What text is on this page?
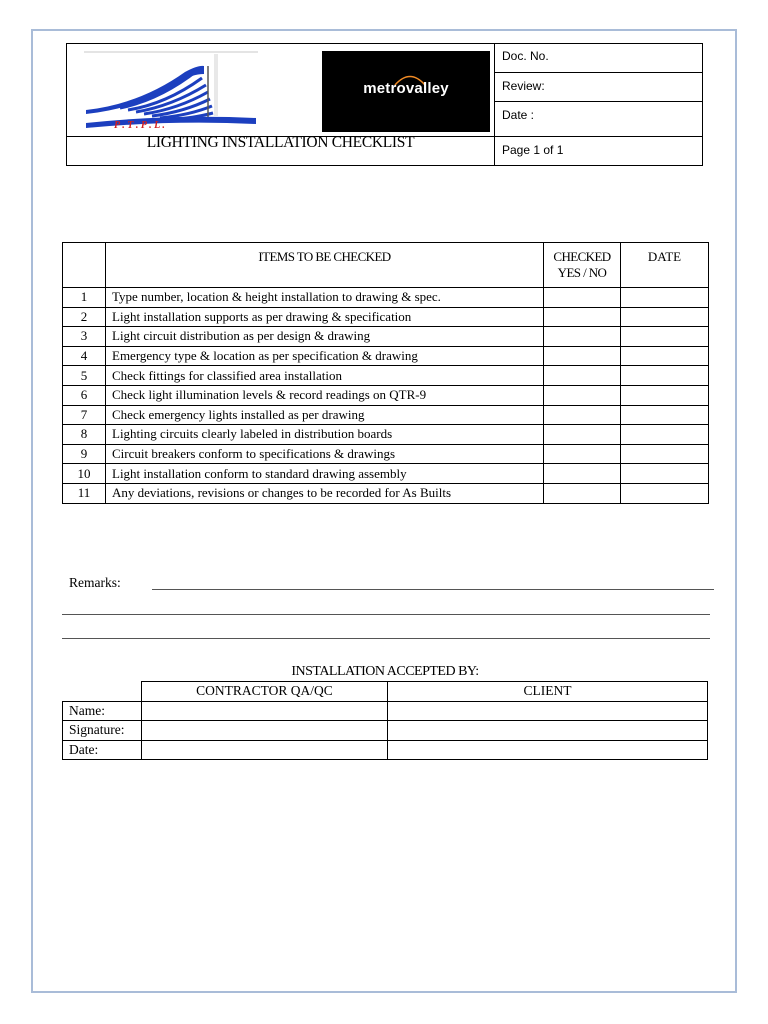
P . T . P . L .
metrovalley
Doc. No.
Review:
Date :
Page 1 of 1
LIGHTING INSTALLATION CHECKLIST
	ITEMS TO BE CHECKED	CHECKED
YES / NO	DATE
1	Type number, location & height installation to drawing & spec.		
2	Light installation supports as per drawing & specification		
3	Light circuit distribution as per design & drawing		
4	Emergency type & location as per specification & drawing		
5	Check fittings for classified area installation		
6	Check light illumination levels & record readings on QTR-9		
7	Check emergency lights installed as per drawing		
8	Lighting circuits clearly labeled in distribution boards		
9	Circuit breakers conform to specifications & drawings		
10	Light installation conform to standard drawing assembly		
11	Any deviations, revisions or changes to be recorded for As Builts		
Remarks:
INSTALLATION ACCEPTED BY:
	CONTRACTOR QA/QC	CLIENT
Name:		
Signature:		
Date:		
